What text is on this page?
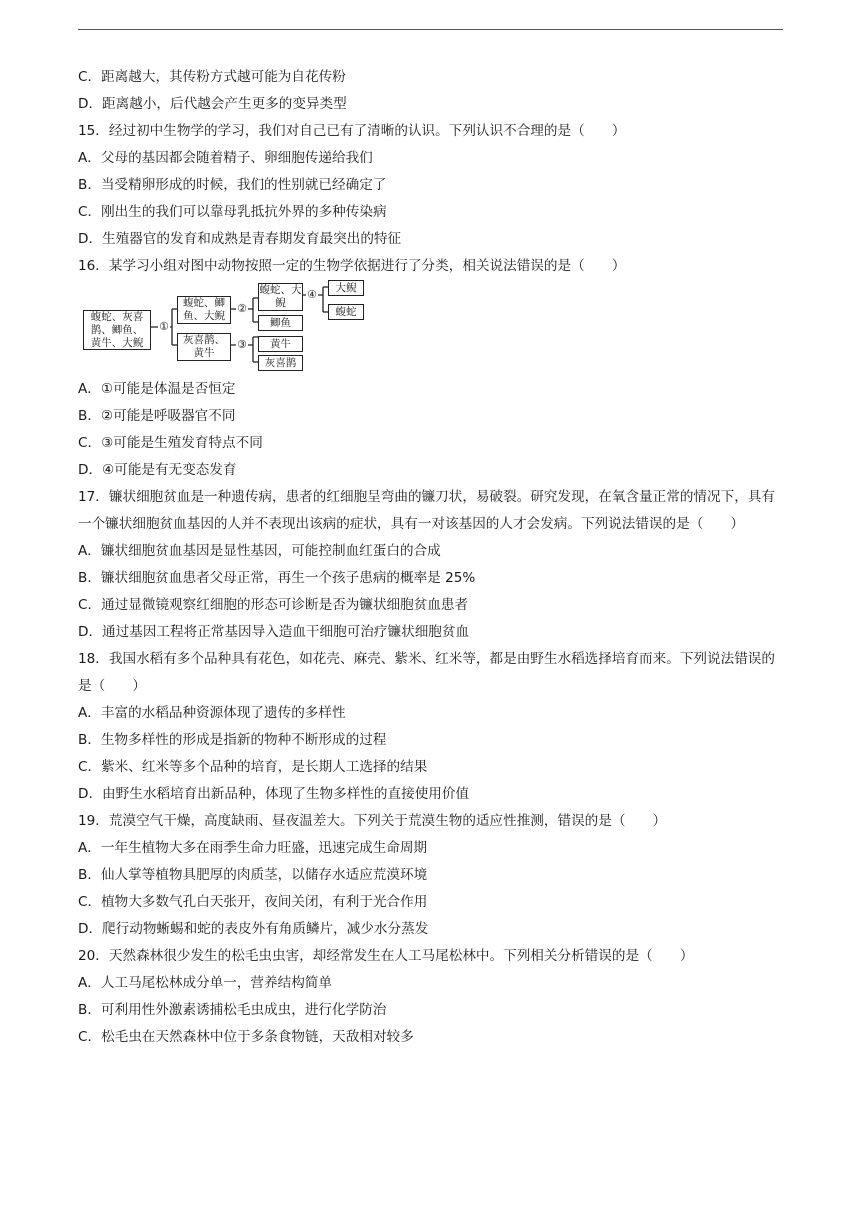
C．距离越大，其传粉方式越可能为自花传粉
D．距离越小，后代越会产生更多的变异类型
15．经过初中生物学的学习，我们对自己已有了清晰的认识。下列认识不合理的是（　　）
A．父母的基因都会随着精子、卵细胞传递给我们
B．当受精卵形成的时候，我们的性别就已经确定了
C．刚出生的我们可以靠母乳抵抗外界的多种传染病
D．生殖器官的发育和成熟是青春期发育最突出的特征
16．某学习小组对图中动物按照一定的生物学依据进行了分类，相关说法错误的是（　　）
蝮蛇、灰喜鹊、鲫鱼、黄牛、大鲵
①
蝮蛇、鲫鱼、大鲵
灰喜鹊、黄牛
②
③
蝮蛇、大鲵
鲫鱼
黄牛
灰喜鹊
④
大鲵
蝮蛇
A．①可能是体温是否恒定
B．②可能是呼吸器官不同
C．③可能是生殖发育特点不同
D．④可能是有无变态发育
17．镰状细胞贫血是一种遗传病，患者的红细胞呈弯曲的镰刀状，易破裂。研究发现，在氧含量正常的情况下，具有一个镰状细胞贫血基因的人并不表现出该病的症状，具有一对该基因的人才会发病。下列说法错误的是（　　）
A．镰状细胞贫血基因是显性基因，可能控制血红蛋白的合成
B．镰状细胞贫血患者父母正常，再生一个孩子患病的概率是 25%
C．通过显微镜观察红细胞的形态可诊断是否为镰状细胞贫血患者
D．通过基因工程将正常基因导入造血干细胞可治疗镰状细胞贫血
18．我国水稻有多个品种具有花色，如花壳、麻壳、紫米、红米等，都是由野生水稻选择培育而来。下列说法错误的是（　　）
A．丰富的水稻品种资源体现了遗传的多样性
B．生物多样性的形成是指新的物种不断形成的过程
C．紫米、红米等多个品种的培育，是长期人工选择的结果
D．由野生水稻培育出新品种，体现了生物多样性的直接使用价值
19．荒漠空气干燥，高度缺雨、昼夜温差大。下列关于荒漠生物的适应性推测，错误的是（　　）
A．一年生植物大多在雨季生命力旺盛，迅速完成生命周期
B．仙人掌等植物具肥厚的肉质茎，以储存水适应荒漠环境
C．植物大多数气孔白天张开，夜间关闭，有利于光合作用
D．爬行动物蜥蜴和蛇的表皮外有角质鳞片，减少水分蒸发
20．天然森林很少发生的松毛虫虫害，却经常发生在人工马尾松林中。下列相关分析错误的是（　　）
A．人工马尾松林成分单一，营养结构简单
B．可利用性外激素诱捕松毛虫成虫，进行化学防治
C．松毛虫在天然森林中位于多条食物链，天敌相对较多
